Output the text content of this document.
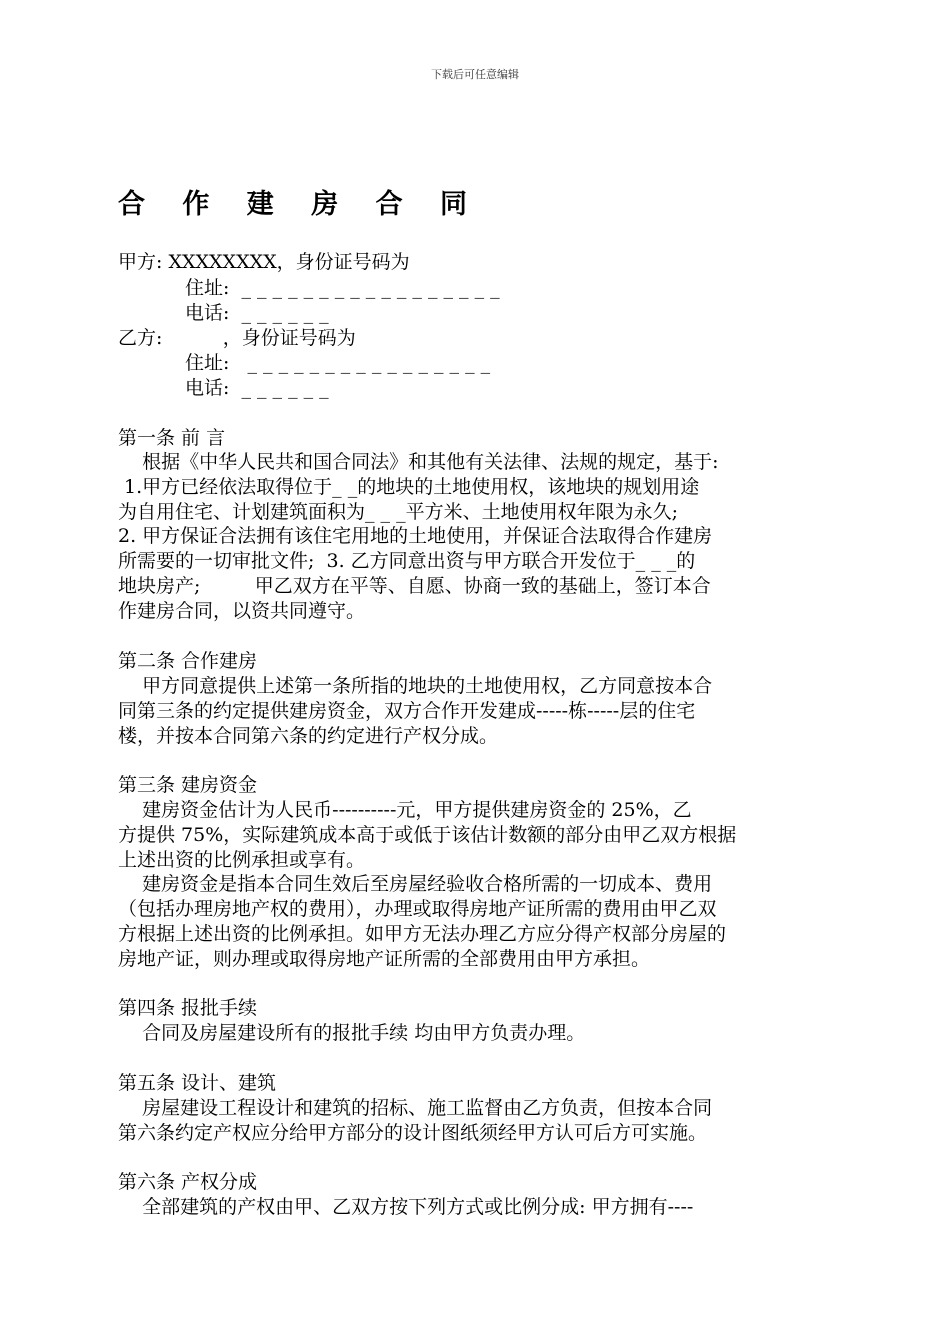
下载后可任意编辑
合 作 建 房 合 同
甲方: XXXXXXXX，身份证号码为
住址:  _ _ _ _ _ _ _ _ _ _ _ _ _ _ _ _ _
电话:  _ _ _ _ _ _
乙方:          ，身份证号码为
住址:   _ _ _ _ _ _ _ _ _ _ _ _ _ _ _ _
电话:  _ _ _ _ _ _
第一条 前 言
根据《中华人民共和国合同法》和其他有关法律、法规的规定，基于:
1.甲方已经依法取得位于_ _的地块的土地使用权，该地块的规划用途
为自用住宅、计划建筑面积为_ _ _平方米、土地使用权年限为永久;
2. 甲方保证合法拥有该住宅用地的土地使用，并保证合法取得合作建房
所需要的一切审批文件;  3. 乙方同意出资与甲方联合开发位于_ _ _的
地块房产;         甲乙双方在平等、自愿、协商一致的基础上，签订本合
作建房合同，以资共同遵守。
第二条 合作建房
甲方同意提供上述第一条所指的地块的土地使用权，乙方同意按本合
同第三条的约定提供建房资金，双方合作开发建成-----栋-----层的住宅
楼，并按本合同第六条的约定进行产权分成。
第三条 建房资金
建房资金估计为人民币----------元，甲方提供建房资金的 25%，乙
方提供 75%，实际建筑成本高于或低于该估计数额的部分由甲乙双方根据
上述出资的比例承担或享有。
建房资金是指本合同生效后至房屋经验收合格所需的一切成本、费用
（包括办理房地产权的费用），办理或取得房地产证所需的费用由甲乙双
方根据上述出资的比例承担。如甲方无法办理乙方应分得产权部分房屋的
房地产证，则办理或取得房地产证所需的全部费用由甲方承担。
第四条 报批手续
合同及房屋建设所有的报批手续 均由甲方负责办理。
第五条 设计、建筑
房屋建设工程设计和建筑的招标、施工监督由乙方负责，但按本合同
第六条约定产权应分给甲方部分的设计图纸须经甲方认可后方可实施。
第六条 产权分成
全部建筑的产权由甲、乙双方按下列方式或比例分成: 甲方拥有----
